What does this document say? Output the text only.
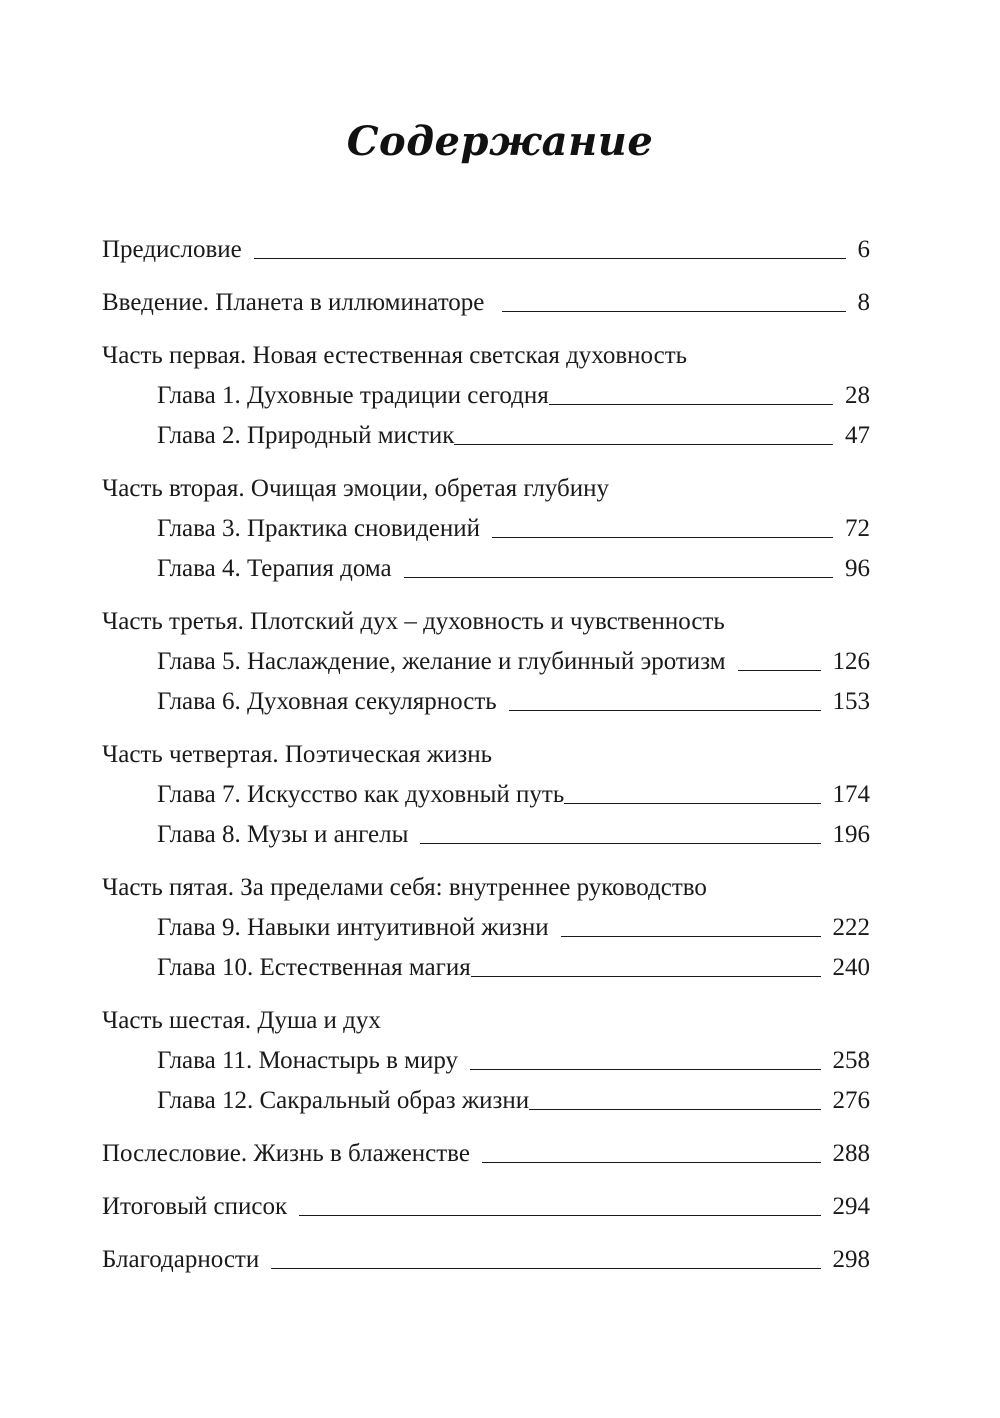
Содержание
Предисловие	6
Введение. Планета в иллюминаторе	8
Часть первая. Новая естественная светская духовность
Глава 1. Духовные традиции сегодня	28
Глава 2. Природный мистик	47
Часть вторая. Очищая эмоции, обретая глубину
Глава 3. Практика сновидений	72
Глава 4. Терапия дома	96
Часть третья. Плотский дух – духовность и чувственность
Глава 5. Наслаждение, желание и глубинный эротизм	126
Глава 6. Духовная секулярность	153
Часть четвертая. Поэтическая жизнь
Глава 7. Искусство как духовный путь	174
Глава 8. Музы и ангелы	196
Часть пятая. За пределами себя: внутреннее руководство
Глава 9. Навыки интуитивной жизни	222
Глава 10. Естественная магия	240
Часть шестая. Душа и дух
Глава 11. Монастырь в миру	258
Глава 12. Сакральный образ жизни	276
Послесловие. Жизнь в блаженстве	288
Итоговый список	294
Благодарности	298
